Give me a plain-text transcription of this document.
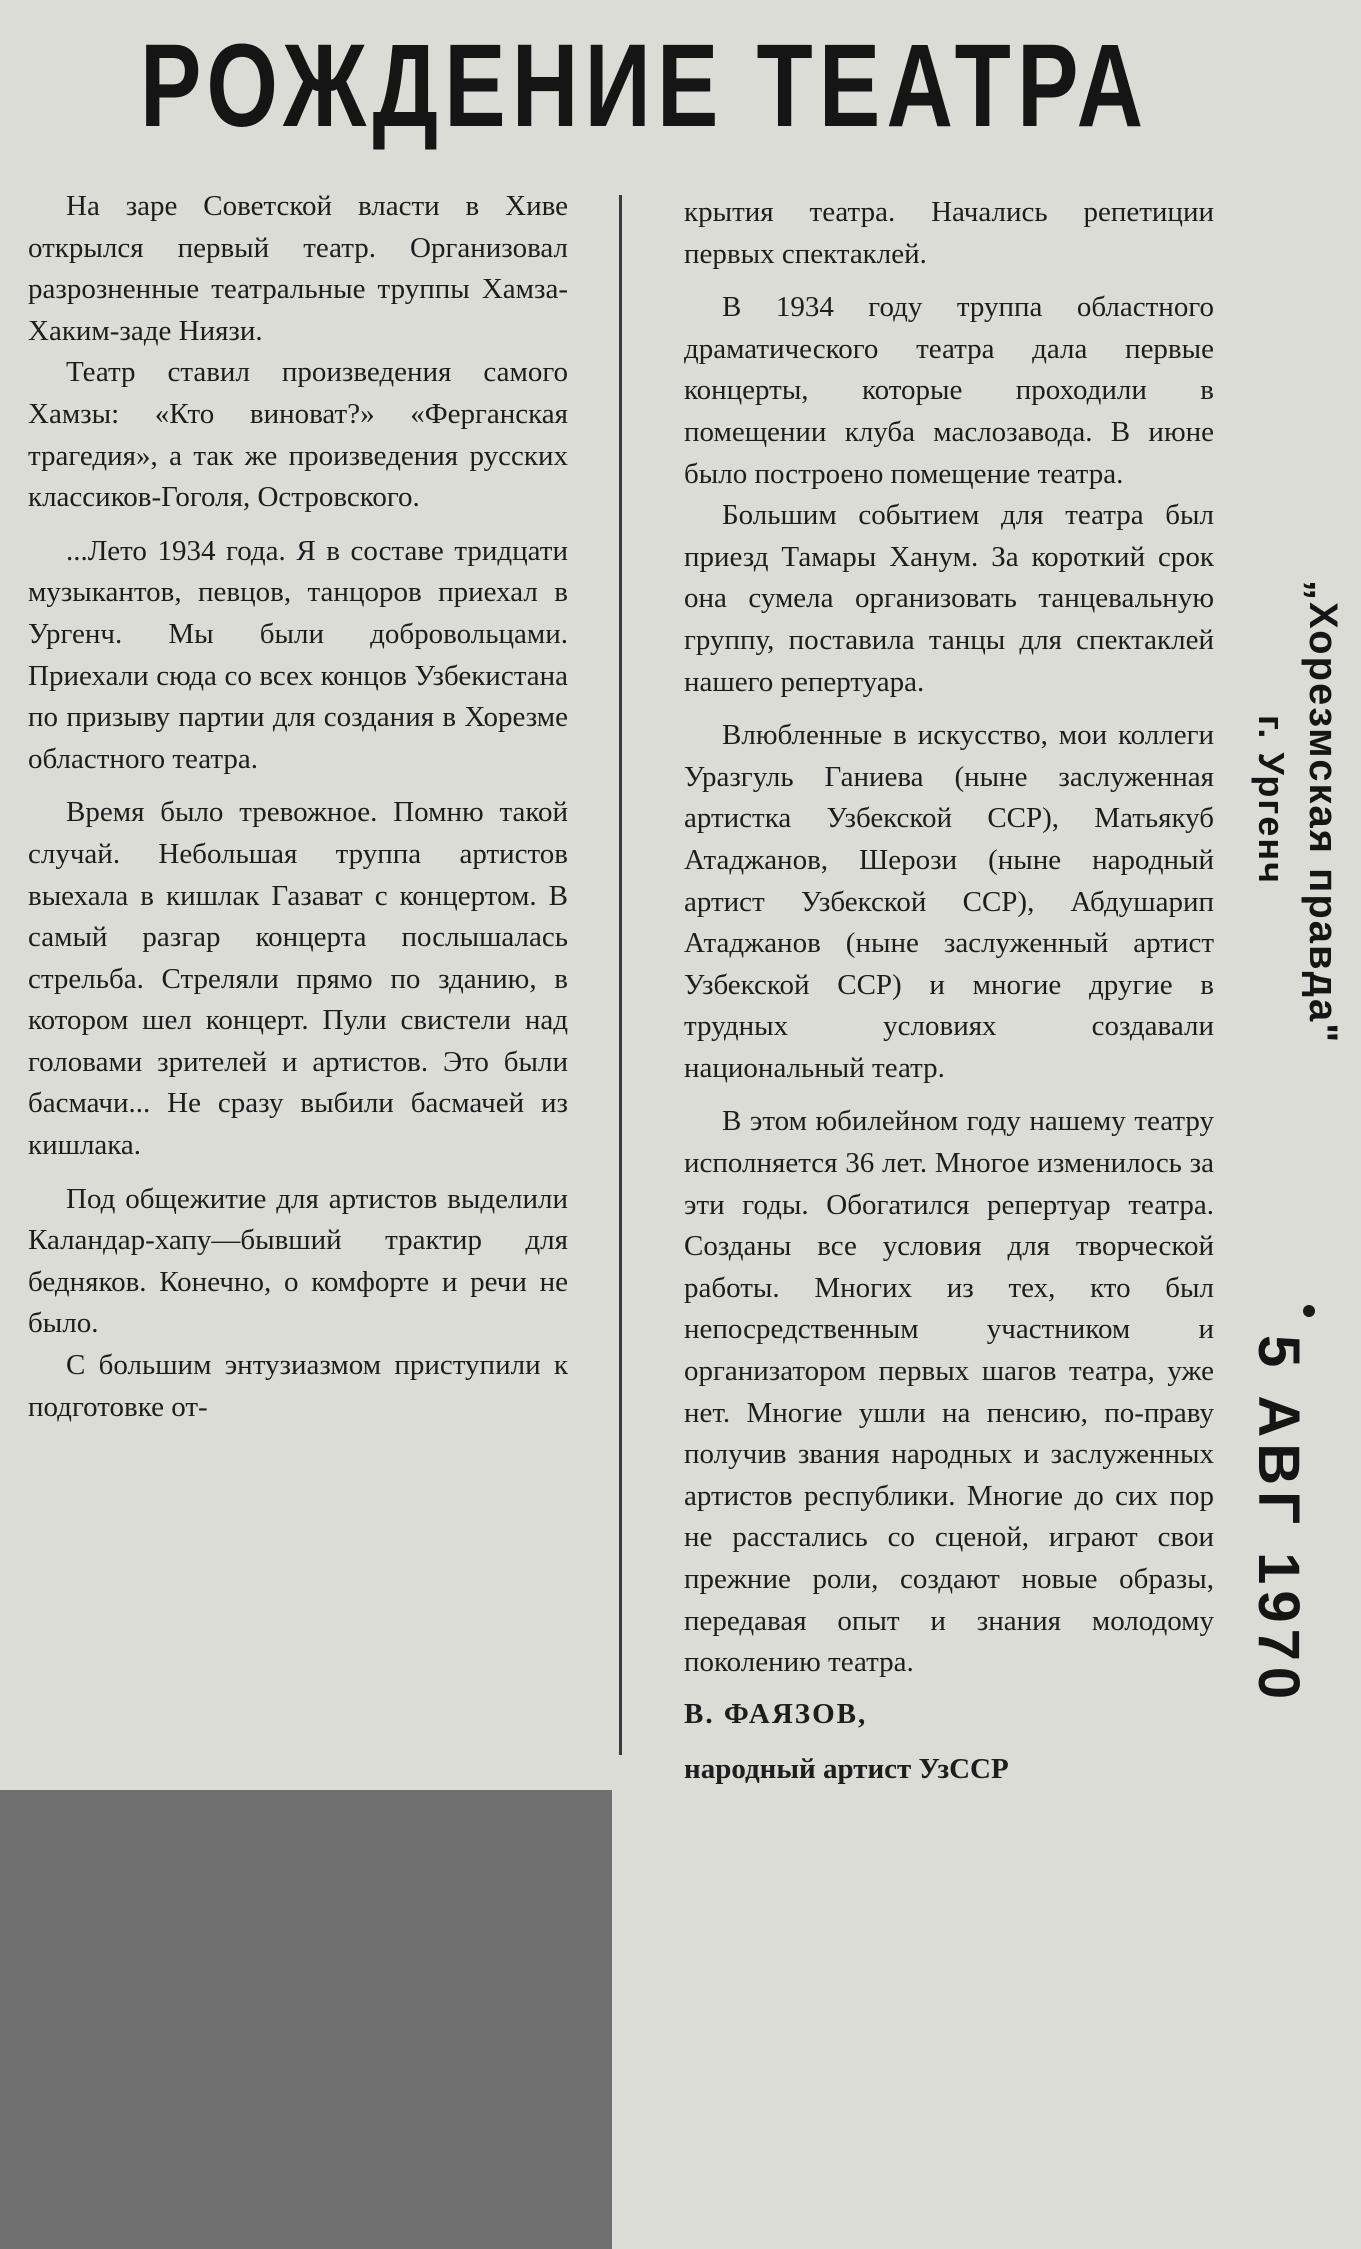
РОЖДЕНИЕ ТЕАТРА

На заре Советской власти в Хиве открылся первый театр. Организовал разрозненные театральные труппы Хамза-Хаким-заде Ниязи.

Театр ставил произведения самого Хамзы: «Кто виноват?» «Ферганская трагедия», а так же произведения русских классиков-Гоголя, Островского.

...Лето 1934 года. Я в составе тридцати музыкантов, певцов, танцоров приехал в Ургенч. Мы были добровольцами. Приехали сюда со всех концов Узбекистана по призыву партии для создания в Хорезме областного театра.

Время было тревожное. Помню такой случай. Небольшая труппа артистов выехала в кишлак Газават с концертом. В самый разгар концерта послышалась стрельба. Стреляли прямо по зданию, в котором шел концерт. Пули свистели над головами зрителей и артистов. Это были басмачи... Не сразу выбили басмачей из кишлака.

Под общежитие для артистов выделили Каландар-хапу—бывший трактир для бедняков. Конечно, о комфорте и речи не было.

С большим энтузиазмом приступили к подготовке от-

крытия театра. Начались репетиции первых спектаклей.

В 1934 году труппа областного драматического театра дала первые концерты, которые проходили в помещении клуба маслозавода. В июне было построено помещение театра.

Большим событием для театра был приезд Тамары Ханум. За короткий срок она сумела организовать танцевальную группу, поставила танцы для спектаклей нашего репертуара.

Влюбленные в искусство, мои коллеги Уразгуль Ганиева (ныне заслуженная артистка Узбекской ССР), Матьякуб Атаджанов, Шерози (ныне народный артист Узбекской ССР), Абдушарип Атаджанов (ныне заслуженный артист Узбекской ССР) и многие другие в трудных условиях создавали национальный театр.

В этом юбилейном году нашему театру исполняется 36 лет. Многое изменилось за эти годы. Обогатился репертуар театра. Созданы все условия для творческой работы. Многих из тех, кто был непосредственным участником и организатором первых шагов театра, уже нет. Многие ушли на пенсию, по-праву получив звания народных и заслуженных артистов республики. Многие до сих пор не расстались со сценой, играют свои прежние роли, создают новые образы, передавая опыт и знания молодому поколению театра.

В. ФАЯЗОВ,

народный артист УзССР

„Хорезмская правда"
г. Ургенч
5 АВГ 1970
